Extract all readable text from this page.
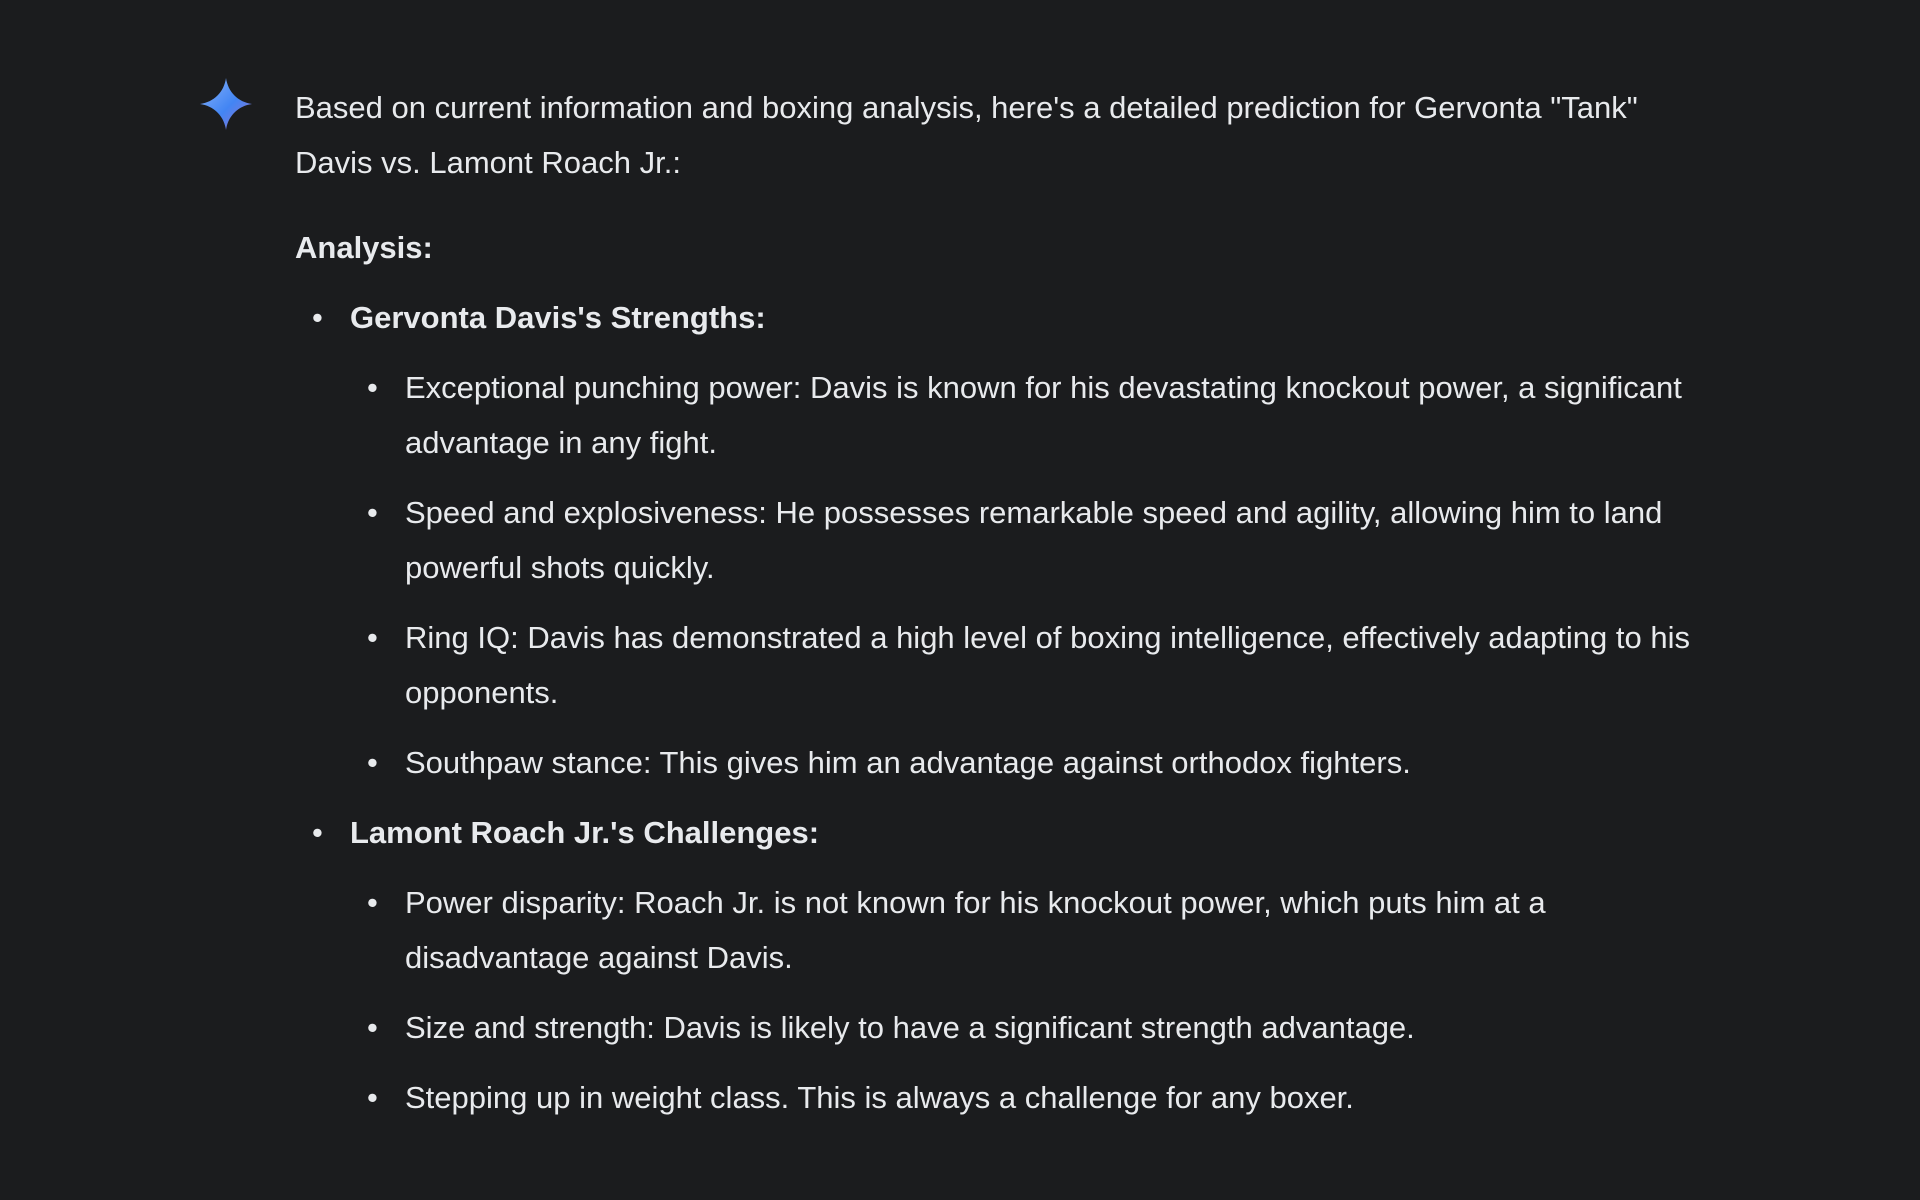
Based on current information and boxing analysis, here's a detailed prediction for Gervonta "Tank" Davis vs. Lamont Roach Jr.:

Analysis:

• Gervonta Davis's Strengths:
• Exceptional punching power: Davis is known for his devastating knockout power, a significant advantage in any fight.
• Speed and explosiveness: He possesses remarkable speed and agility, allowing him to land powerful shots quickly.
• Ring IQ: Davis has demonstrated a high level of boxing intelligence, effectively adapting to his opponents.
• Southpaw stance: This gives him an advantage against orthodox fighters.
• Lamont Roach Jr.'s Challenges:
• Power disparity: Roach Jr. is not known for his knockout power, which puts him at a disadvantage against Davis.
• Size and strength: Davis is likely to have a significant strength advantage.
• Stepping up in weight class. This is always a challenge for any boxer.
